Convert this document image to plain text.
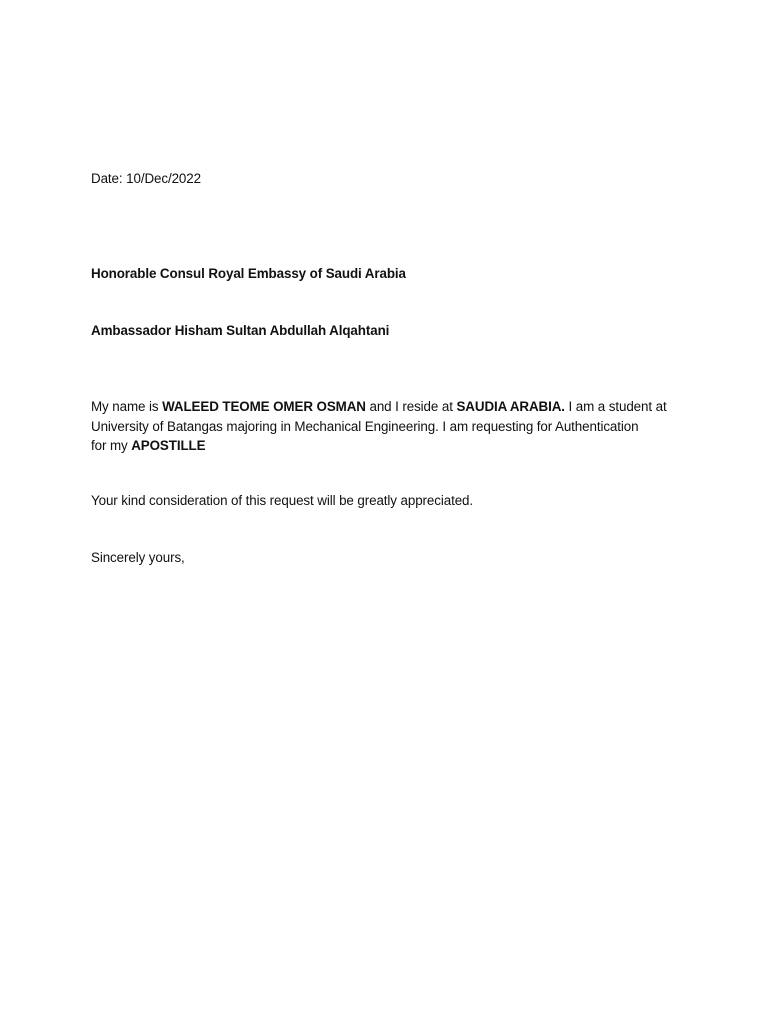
Date: 10/Dec/2022
Honorable Consul Royal Embassy of Saudi Arabia
Ambassador Hisham Sultan Abdullah Alqahtani
My name is WALEED TEOME OMER OSMAN and I reside at SAUDIA ARABIA. I am a student at
University of Batangas majoring in Mechanical Engineering. I am requesting for Authentication
for my APOSTILLE
Your kind consideration of this request will be greatly appreciated.
Sincerely yours,
